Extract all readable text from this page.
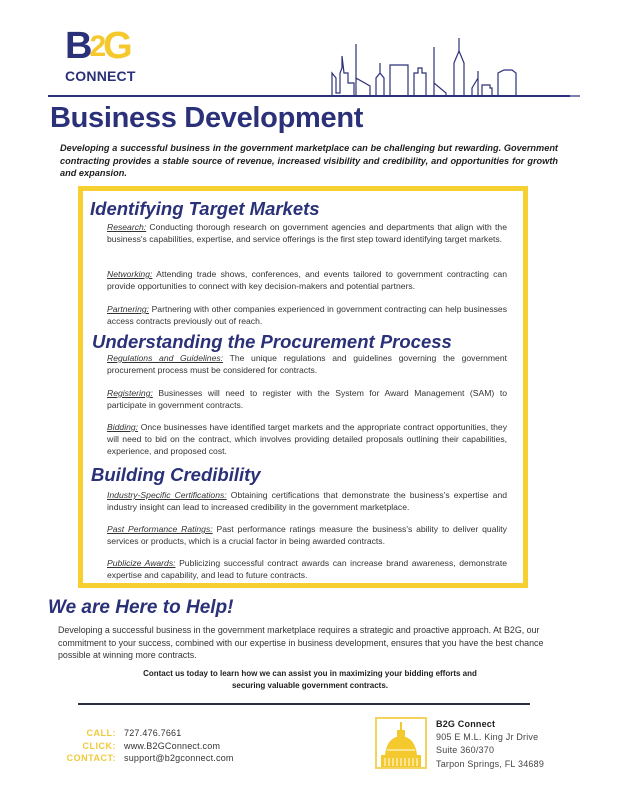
B2G
CONNECT
Business Development
Developing a successful business in the government marketplace can be challenging but rewarding. Government contracting provides a stable source of revenue, increased visibility and credibility, and opportunities for growth and expansion.
Identifying Target Markets
Research: Conducting thorough research on government agencies and departments that align with the business's capabilities, expertise, and service offerings is the first step toward identifying target markets.
Networking: Attending trade shows, conferences, and events tailored to government contracting can provide opportunities to connect with key decision-makers and potential partners.
Partnering: Partnering with other companies experienced in government contracting can help businesses access contracts previously out of reach.
Understanding the Procurement Process
Regulations and Guidelines: The unique regulations and guidelines governing the government procurement process must be considered for contracts.
Registering: Businesses will need to register with the System for Award Management (SAM) to participate in government contracts.
Bidding: Once businesses have identified target markets and the appropriate contract opportunities, they will need to bid on the contract, which involves providing detailed proposals outlining their capabilities, experience, and proposed cost.
Building Credibility
Industry-Specific Certifications: Obtaining certifications that demonstrate the business's expertise and industry insight can lead to increased credibility in the government marketplace.
Past Performance Ratings: Past performance ratings measure the business's ability to deliver quality services or products, which is a crucial factor in being awarded contracts.
Publicize Awards: Publicizing successful contract awards can increase brand awareness, demonstrate expertise and capability, and lead to future contracts.
We are Here to Help!
Developing a successful business in the government marketplace requires a strategic and proactive approach. At B2G, our commitment to your success, combined with our expertise in business development, ensures that you have the best chance possible at winning more contracts.
Contact us today to learn how we can assist you in maximizing your bidding efforts and
securing valuable government contracts.
CALL: 727.476.7661
CLICK: www.B2GConnect.com
CONTACT: support@b2gconnect.com
B2G Connect
905 E M.L. King Jr Drive
Suite 360/370
Tarpon Springs, FL 34689
